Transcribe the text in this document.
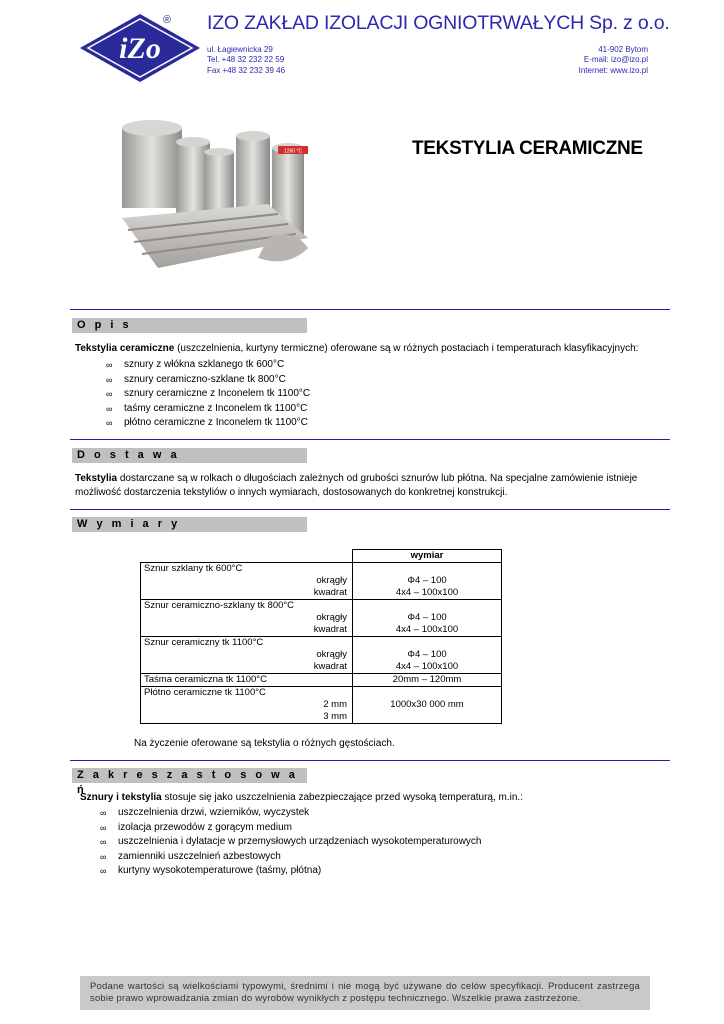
iZo
® IZO ZAKŁAD IZOLACJI OGNIOTRWAŁYCH Sp. z o.o.
ul. Łagiewnicka 29
Tel. +48 32 232 22 59
Fax +48 32 232 39 46
41-902 Bytom
E-mail: izo@izo.pl
Internet: www.izo.pl
1260 °C	TEKSTYLIA CERAMICZNE
O p i s
Tekstylia ceramiczne (uszczelnienia, kurtyny termiczne) oferowane są w różnych postaciach i temperaturach klasyfikacyjnych:
∞ sznury z włókna szklanego tk 600°C
∞ sznury ceramiczno-szklane tk 800°C
∞ sznury ceramiczne z Inconelem tk 1100°C
∞ taśmy ceramiczne z Inconelem tk 1100°C
∞ płótno ceramiczne z Inconelem tk 1100°C
D o s t a w a
Tekstylia dostarczane są w rolkach o długościach zależnych od grubości sznurów lub płótna. Na specjalne zamówienie istnieje możliwość dostarczenia tekstyliów o innych wymiarach, dostosowanych do konkretnej konstrukcji.
W y m i a r y
	wymiar
Sznur szklany tk 600°C	
okrągły	Φ4 – 100
kwadrat	4x4 – 100x100
Sznur ceramiczno-szklany tk 800°C	
okrągły	Φ4 – 100
kwadrat	4x4 – 100x100
Sznur ceramiczny tk 1100°C	
okrągły	Φ4 – 100
kwadrat	4x4 – 100x100
Taśma ceramiczna tk 1100°C	20mm – 120mm
Płótno ceramiczne tk 1100°C	
2 mm	1000x30 000 mm
3 mm	
Na życzenie oferowane są tekstylia o różnych gęstościach.
Z a k r e s z a s t o s o w a ń
Sznury i tekstylia stosuje się jako uszczelnienia zabezpieczające przed wysoką temperaturą, m.in.:
∞ uszczelnienia drzwi, wzierników, wyczystek
∞ izolacja przewodów z gorącym medium
∞ uszczelnienia i dylatacje w przemysłowych urządzeniach wysokotemperaturowych
∞ zamienniki uszczelnień azbestowych
∞ kurtyny wysokotemperaturowe (taśmy, płótna)
Podane wartości są wielkościami typowymi, średnimi i nie mogą być używane do celów specyfikacji. Producent zastrzega sobie prawo wprowadzania zmian do wyrobów wynikłych z postępu technicznego. Wszelkie prawa zastrzeżone.
